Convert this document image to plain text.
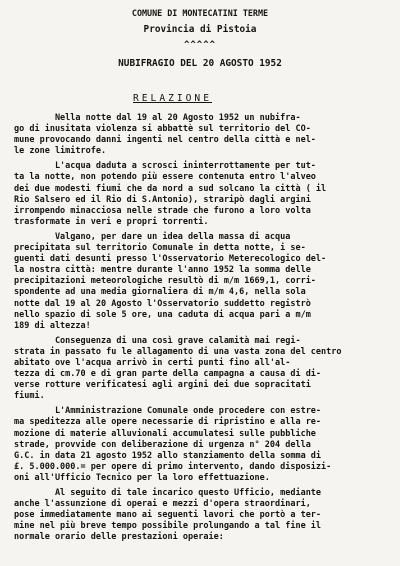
COMUNE DI MONTECATINI TERME
Provincia di Pistoia
^^^^^
NUBIFRAGIO DEL 20 AGOSTO 1952
RELAZIONE
Nella notte dal 19 al 20 Agosto 1952 un nubifra-
go di inusitata violenza si abbattè sul territorio del CO-
mune provocando danni ingenti nel centro della città e nel-
le zone limitrofe.
L'acqua daduta a scrosci ininterrottamente per tut-
ta la notte, non potendo più essere contenuta entro l'alveo
dei due modesti fiumi che da nord a sud solcano la città ( il
Rio Salsero ed il Rio di S.Antonio), straripò dagli argini
irrompendo minacciosa nelle strade che furono a loro volta
trasformate in veri e propri torrenti.
Valgano, per dare un idea della massa di acqua
precipitata sul territorio Comunale in detta notte, i se-
guenti dati desunti presso l'Osservatorio Meterecologico del-
la nostra città: mentre durante l'anno 1952 la somma delle
precipitazioni meteorologiche resultò di m/m 1669,1, corri-
spondente ad una media giornaliera di m/m 4,6, nella sola
notte dal 19 al 20 Agosto l'Osservatorio suddetto registrò
nello spazio di sole 5 ore, una caduta di acqua pari a m/m
189 di altezza!
Conseguenza di una così grave calamità mai regi-
strata in passato fu le allagamento di una vasta zona del centro
abitato ove l'acqua arrivò in certi punti fino all'al-
tezza di cm.70 e di gran parte della campagna a causa di di-
verse rotture verificatesi agli argini dei due sopracitati
fiumi.
L'Amministrazione Comunale onde procedere con estre-
ma speditezza alle opere necessarie di ripristino e alla re-
mozione di materie alluvionali accumulatesi sulle pubbliche
strade, provvide con deliberazione di urgenza n° 204 della
G.C. in data 21 agosto 1952 allo stanziamento della somma di
£. 5.000.000.= per opere di primo intervento, dando disposizi-
oni all'Ufficio Tecnico per la loro effettuazione.
Al seguito di tale incarico questo Ufficio, mediante
anche l'assunzione di operai e mezzi d'opera straordinari,
pose immediatamente mano ai seguenti lavori che portò a ter-
mine nel più breve tempo possibile prolungando a tal fine il
normale orario delle prestazioni operaie:
